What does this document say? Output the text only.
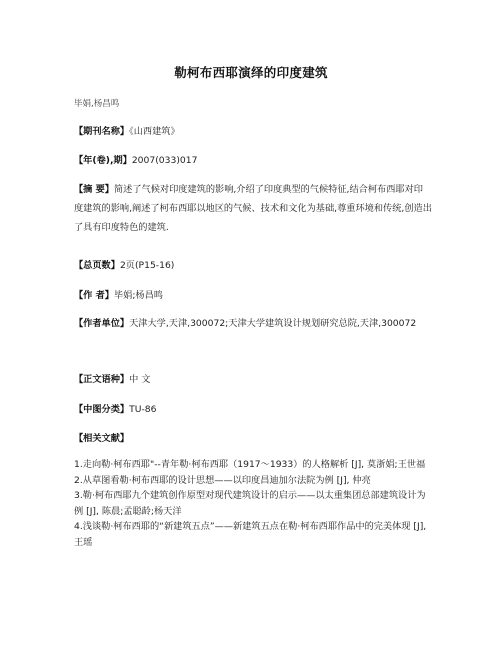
勒柯布西耶演绎的印度建筑
毕娟,杨昌鸣
【期刊名称】《山西建筑》
【年(卷),期】2007(033)017
【摘 要】简述了气候对印度建筑的影响,介绍了印度典型的气候特征,结合柯布西耶对印度建筑的影响,阐述了柯布西耶以地区的气候、技术和文化为基础,尊重环境和传统,创造出了具有印度特色的建筑.
【总页数】2页(P15-16)
【作 者】毕娟;杨昌鸣
【作者单位】天津大学,天津,300072;天津大学建筑设计规划研究总院,天津,300072
【正文语种】中 文
【中图分类】TU-86
【相关文献】
1.走向勒·柯布西耶"--青年勒·柯布西耶（1917～1933）的人格解析 [J], 莫浙娟;王世福
2.从草图看勒·柯布西耶的设计思想——以印度昌迪加尔法院为例 [J], 仲亮
3.勒·柯布西耶九个建筑创作原型对现代建筑设计的启示——以太重集团总部建筑设计为例 [J], 陈晨;孟聪龄;杨天洋
4.浅谈勒·柯布西耶的“新建筑五点”——新建筑五点在勒·柯布西耶作品中的完美体现 [J], 王瑶
